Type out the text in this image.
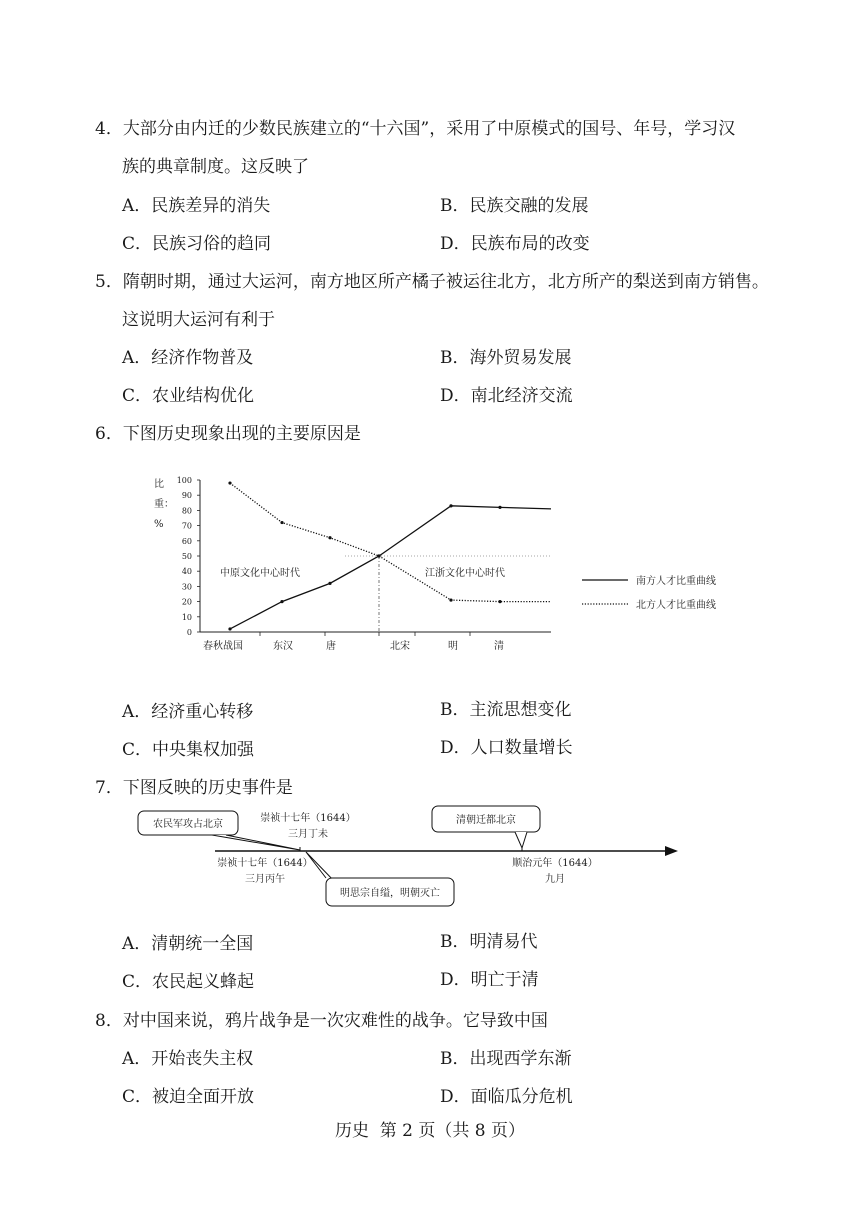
4．大部分由内迁的少数民族建立的“十六国”，采用了中原模式的国号、年号，学习汉
族的典章制度。这反映了
A．民族差异的消失	B．民族交融的发展
C．民族习俗的趋同	D．民族布局的改变
5．隋朝时期，通过大运河，南方地区所产橘子被运往北方，北方所产的梨送到南方销售。
这说明大运河有利于
A．经济作物普及	B．海外贸易发展
C．农业结构优化	D．南北经济交流
6．下图历史现象出现的主要原因是
比
重：
%
0
10
20
30
40
50
60
70
80
90
100
春秋战国	东汉	唐	北宋	明	清
中原文化中心时代	江浙文化中心时代
南方人才比重曲线
北方人才比重曲线
A．经济重心转移	B．主流思想变化
C．中央集权加强	D．人口数量增长
7．下图反映的历史事件是
农民军攻占北京
崇祯十七年（1644）
三月丁未
清朝迁都北京
崇祯十七年（1644）
三月丙午
顺治元年（1644）
九月
明思宗自缢，明朝灭亡
A．清朝统一全国	B．明清易代
C．农民起义蜂起	D．明亡于清
8．对中国来说，鸦片战争是一次灾难性的战争。它导致中国
A．开始丧失主权	B．出现西学东渐
C．被迫全面开放	D．面临瓜分危机
历史  第 2 页（共 8 页）
